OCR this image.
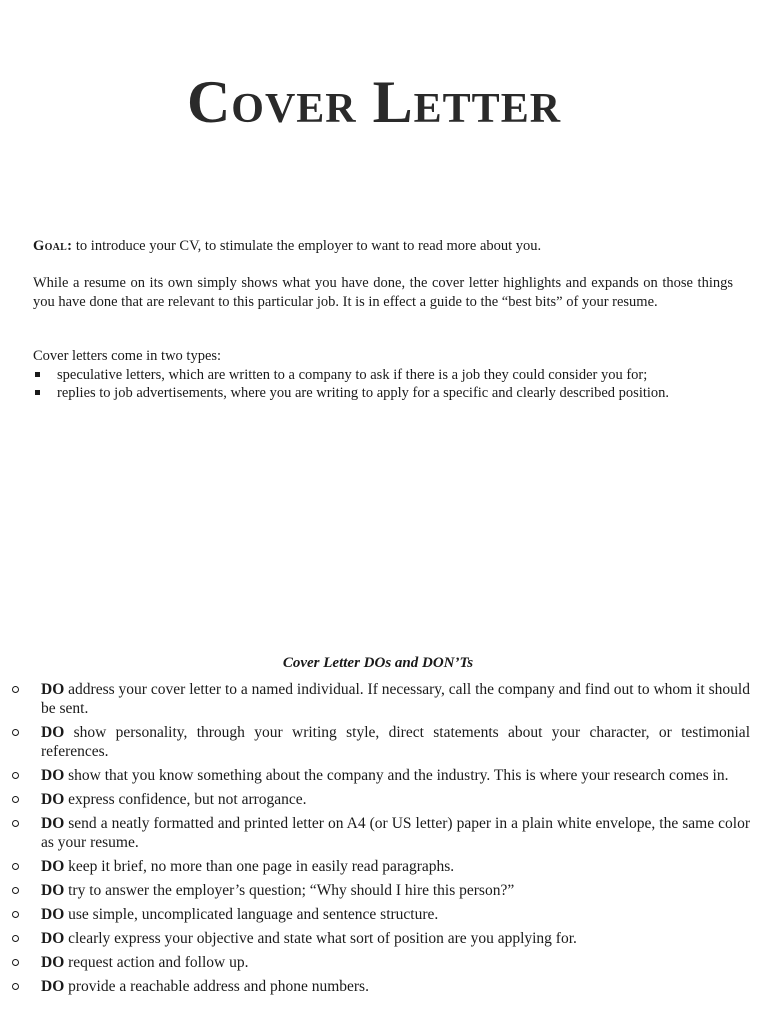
Cover Letter
Goal: to introduce your CV, to stimulate the employer to want to read more about you.
While a resume on its own simply shows what you have done, the cover letter highlights and expands on those things you have done that are relevant to this particular job. It is in effect a guide to the “best bits” of your resume.
Cover letters come in two types:
speculative letters, which are written to a company to ask if there is a job they could consider you for;
replies to job advertisements, where you are writing to apply for a specific and clearly described position.
Cover Letter DOs and DON’Ts
DO address your cover letter to a named individual. If necessary, call the company and find out to whom it should be sent.
DO show personality, through your writing style, direct statements about your character, or testimonial references.
DO show that you know something about the company and the industry. This is where your research comes in.
DO express confidence, but not arrogance.
DO send a neatly formatted and printed letter on A4 (or US letter) paper in a plain white envelope, the same color as your resume.
DO keep it brief, no more than one page in easily read paragraphs.
DO try to answer the employer’s question; “Why should I hire this person?”
DO use simple, uncomplicated language and sentence structure.
DO clearly express your objective and state what sort of position are you applying for.
DO request action and follow up.
DO provide a reachable address and phone numbers.
